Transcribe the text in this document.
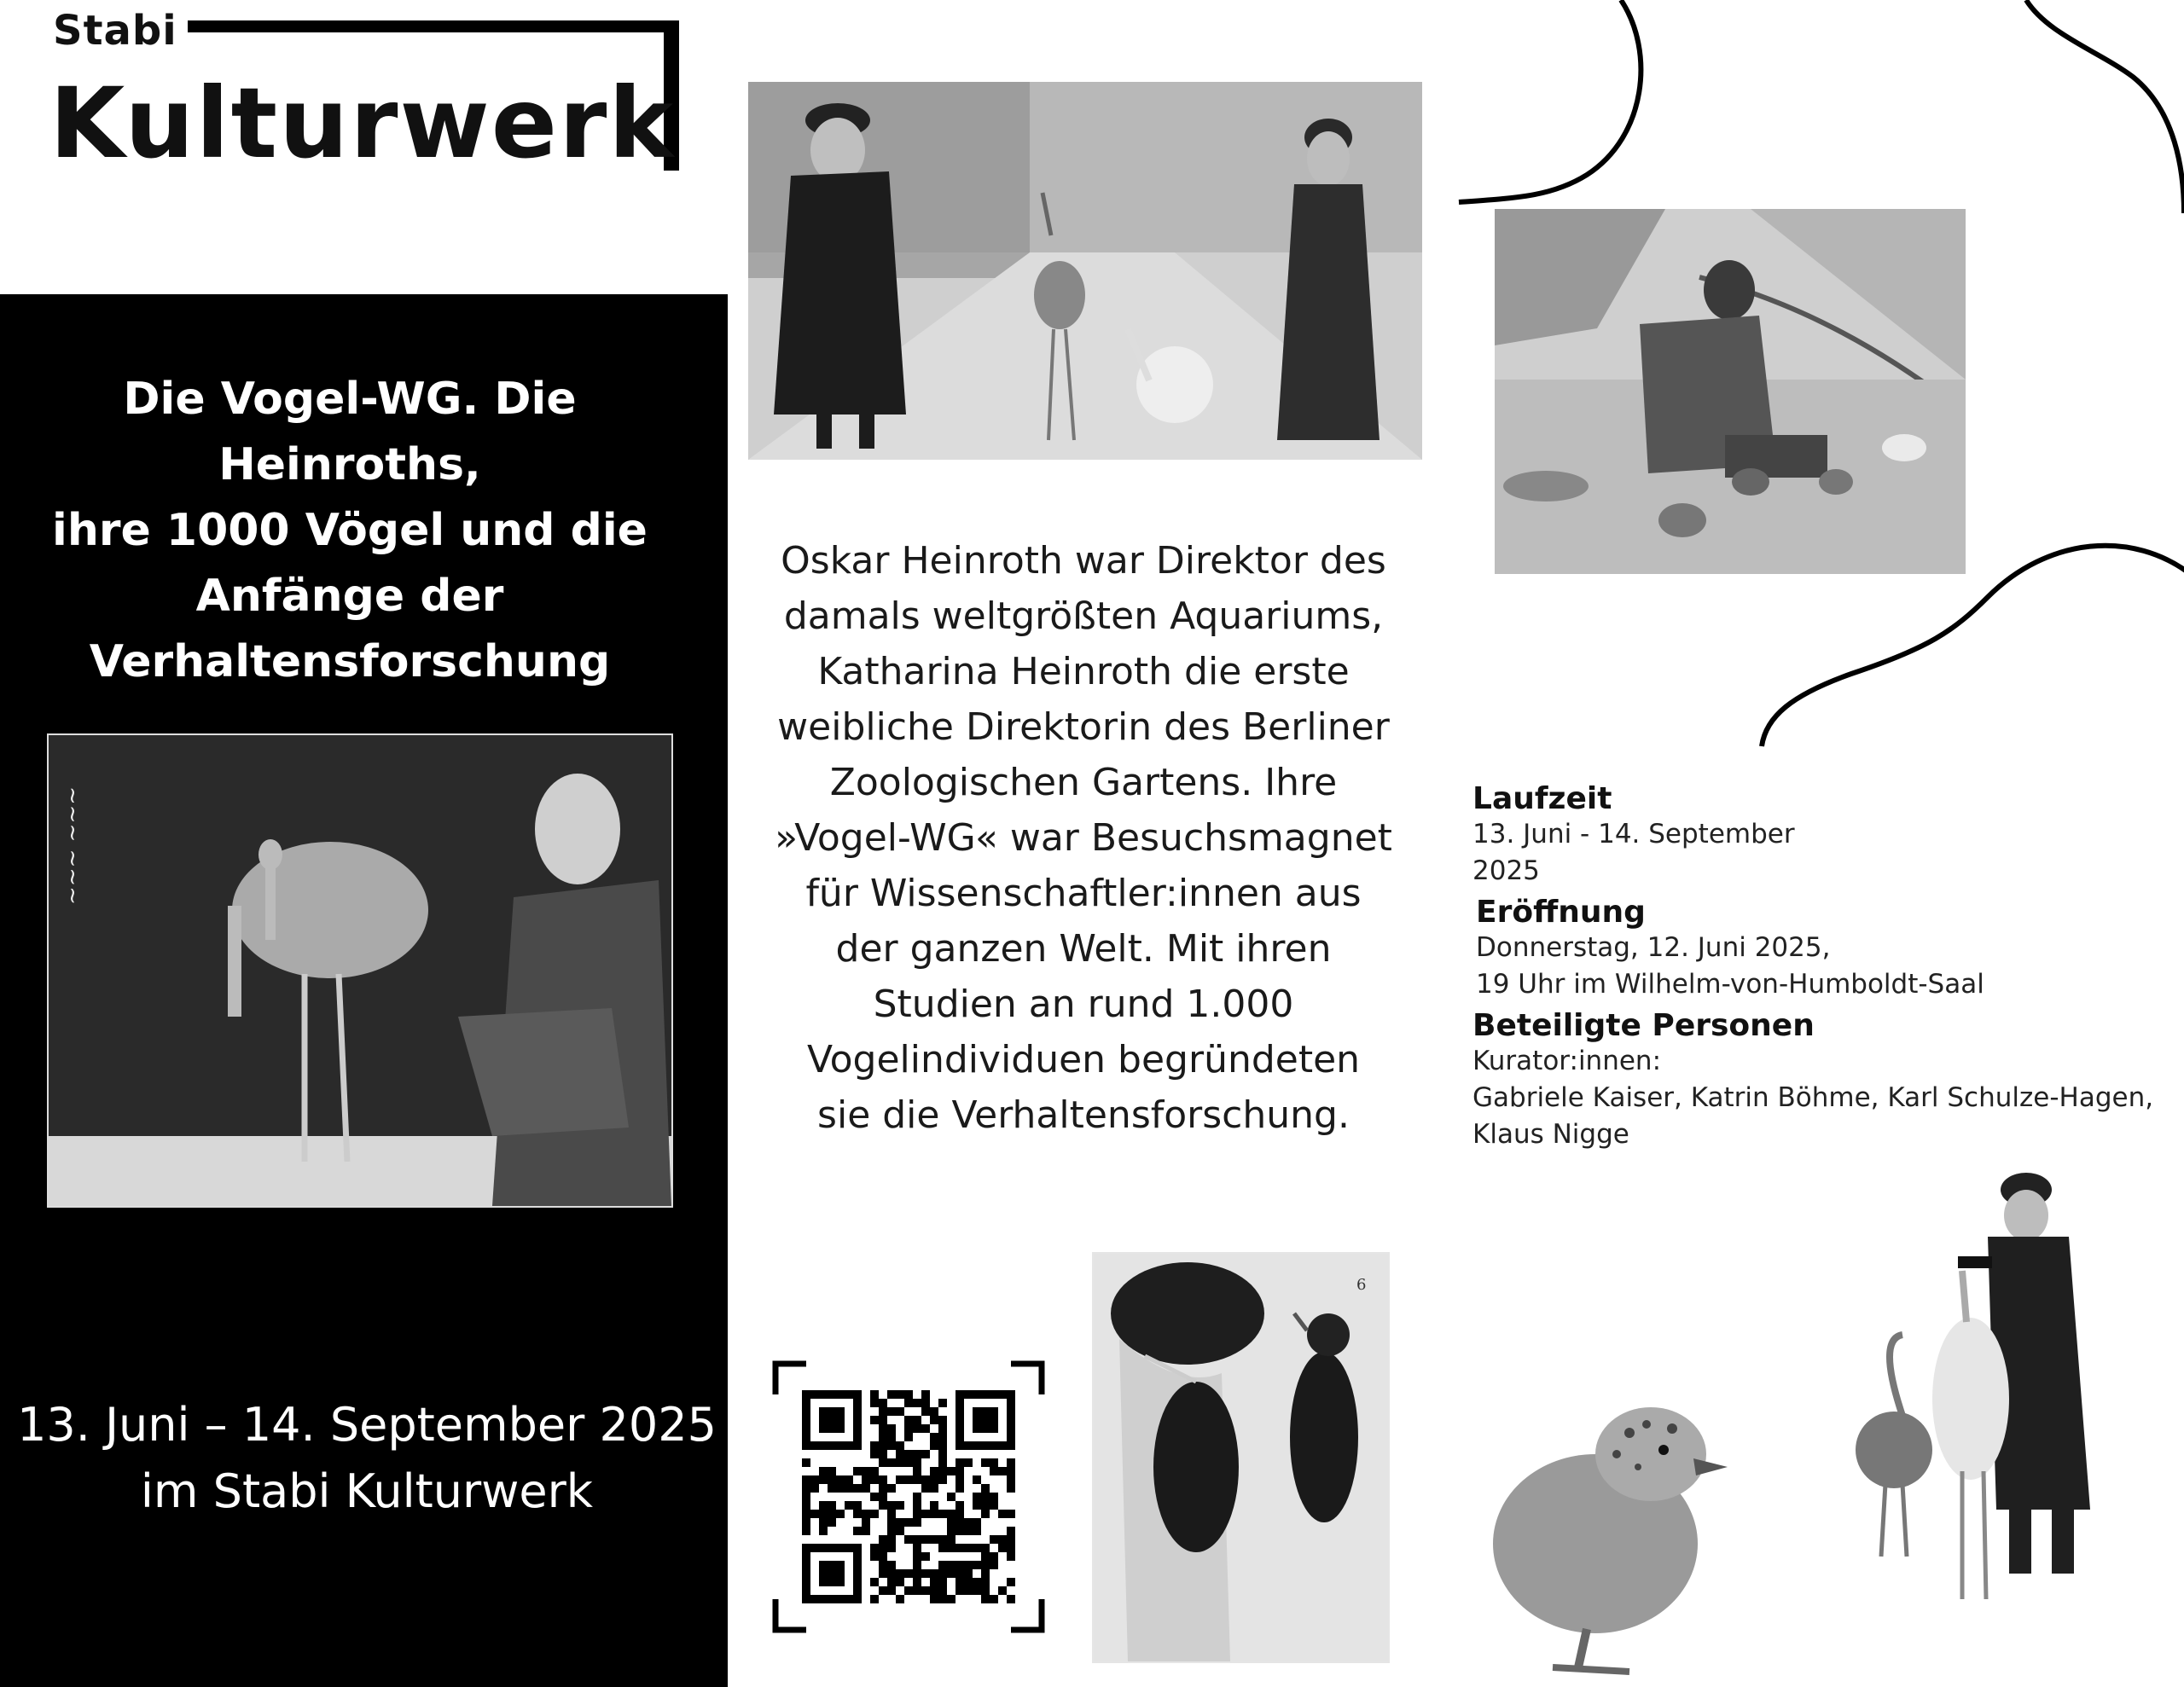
Stabi
Kulturwerk
Die Vogel-WG. Die Heinroths,
ihre 1000 Vögel und die
Anfänge der
Verhaltensforschung
~~~ ~~~
13. Juni – 14. September 2025
im Stabi Kulturwerk
Oskar Heinroth war Direktor des
damals weltgrößten Aquariums,
Katharina Heinroth die erste
weibliche Direktorin des Berliner
Zoologischen Gartens. Ihre
»Vogel-WG« war Besuchsmagnet
für Wissenschaftler:innen aus
der ganzen Welt. Mit ihren
Studien an rund 1.000
Vogelindividuen begründeten
sie die Verhaltensforschung.
Laufzeit
13. Juni - 14. September
2025
Eröffnung
Donnerstag, 12. Juni 2025,
19 Uhr im Wilhelm-von-Humboldt-Saal
Beteiligte Personen
Kurator:innen:
Gabriele Kaiser, Katrin Böhme, Karl Schulze-Hagen,
Klaus Nigge
6
